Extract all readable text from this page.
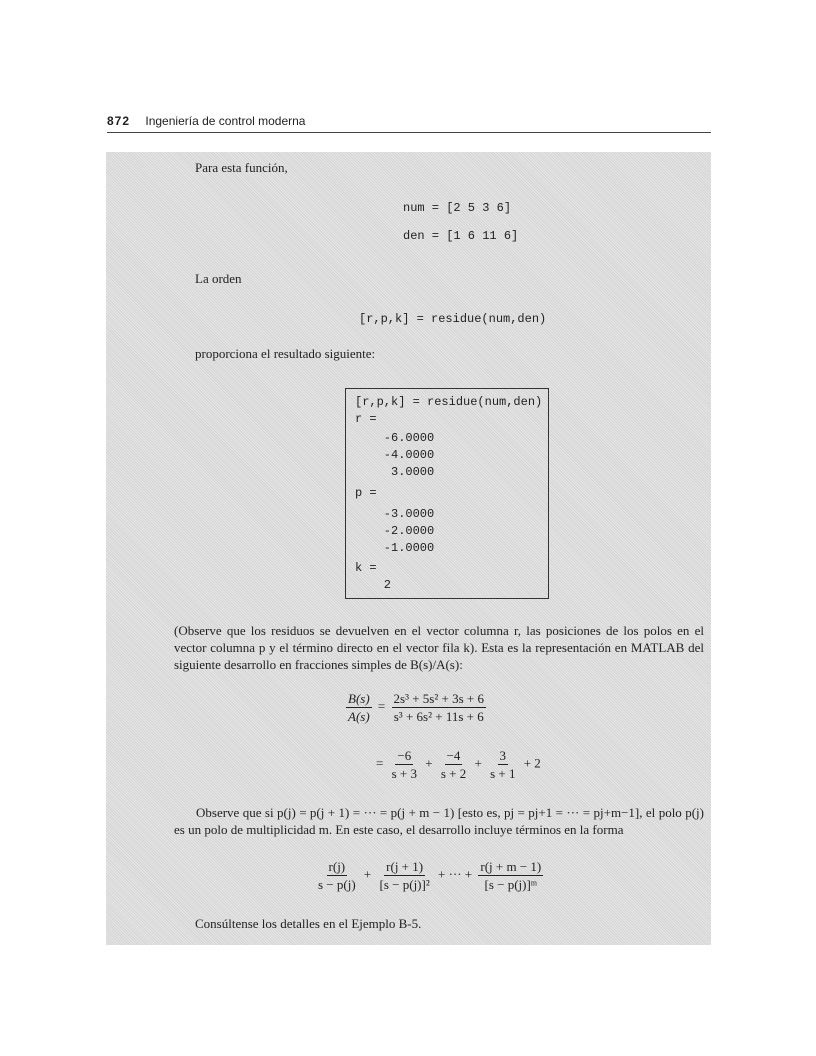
872 Ingeniería de control moderna
Para esta función,
num = [2 5 3 6]
den = [1 6 11 6]
La orden
[r,p,k] = residue(num,den)
proporciona el resultado siguiente:
[r,p,k] = residue(num,den)
r =
-6.0000
-4.0000
3.0000
p =
-3.0000
-2.0000
-1.0000
k =
2
(Observe que los residuos se devuelven en el vector columna r, las posiciones de los polos en el vector columna p y el término directo en el vector fila k). Esta es la representación en MATLAB del siguiente desarrollo en fracciones simples de B(s)/A(s):
$\frac{B(s)}{A(s)} = \frac{\text{2s³ + 5s² + 3s + 6}}{\text{s³ + 6s² + 11s + 6}}$
= $\frac{-6}{s + 3} + \frac{-4}{s + 2} + \frac{3}{s + 1} + 2$
Observe que si p(j) = p(j + 1) = ··· = p(j + m − 1) [esto es, pj = pj+1 = ··· = pj+m−1], el polo p(j) es un polo de multiplicidad m. En este caso, el desarrollo incluye términos en la forma
$\frac{r(j)}{s - p(j)} + \frac{r(j + 1)}{\text{[s − p(j)]²}}$ + ··· + $\frac{r(j + m - 1)}{\text{[s − p(j)]ᵐ}}$
Consúltense los detalles en el Ejemplo B-5.
